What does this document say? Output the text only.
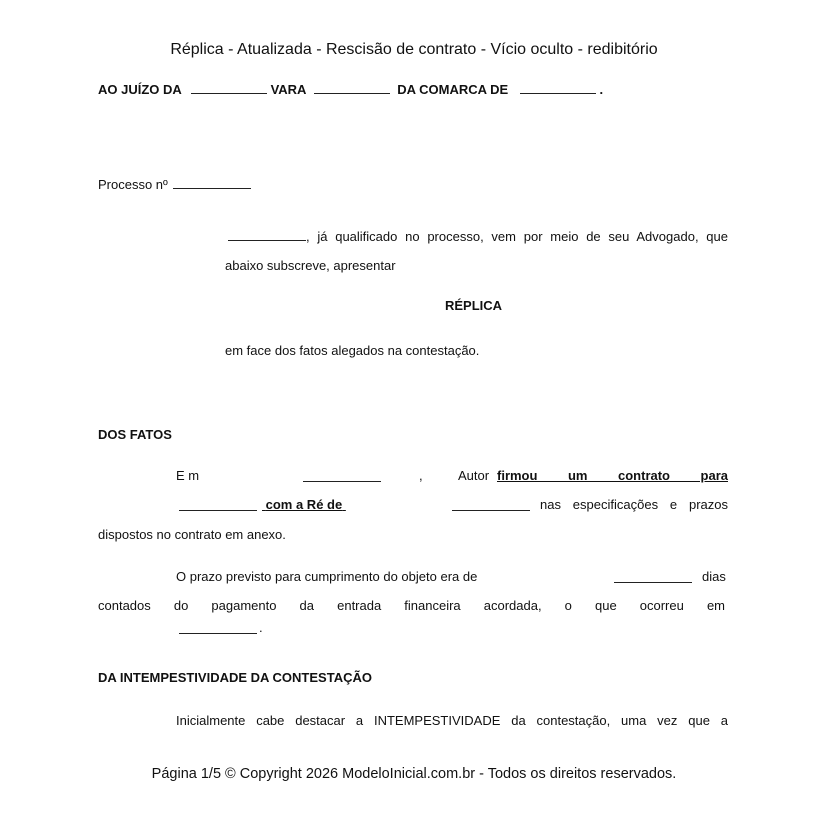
Réplica - Atualizada - Rescisão de contrato - Vício oculto - redibitório
AO JUÍZO DA	VARA	DA COMARCA DE	.
Processo nº
, já qualificado no processo, vem por meio de seu Advogado, que
abaixo subscreve, apresentar
RÉPLICA
em face dos fatos alegados na contestação.
DOS FATOS
E m	,	Autor firmou um contrato para
com a Ré de	nas especificações e prazos
dispostos no contrato em anexo.
O prazo previsto para cumprimento do objeto era de	dias
contados do pagamento da entrada financeira acordada, o que ocorreu em
.
DA INTEMPESTIVIDADE DA CONTESTAÇÃO
Inicialmente cabe destacar a INTEMPESTIVIDADE da contestação, uma vez que a
Página 1/5 © Copyright 2026 ModeloInicial.com.br - Todos os direitos reservados.
